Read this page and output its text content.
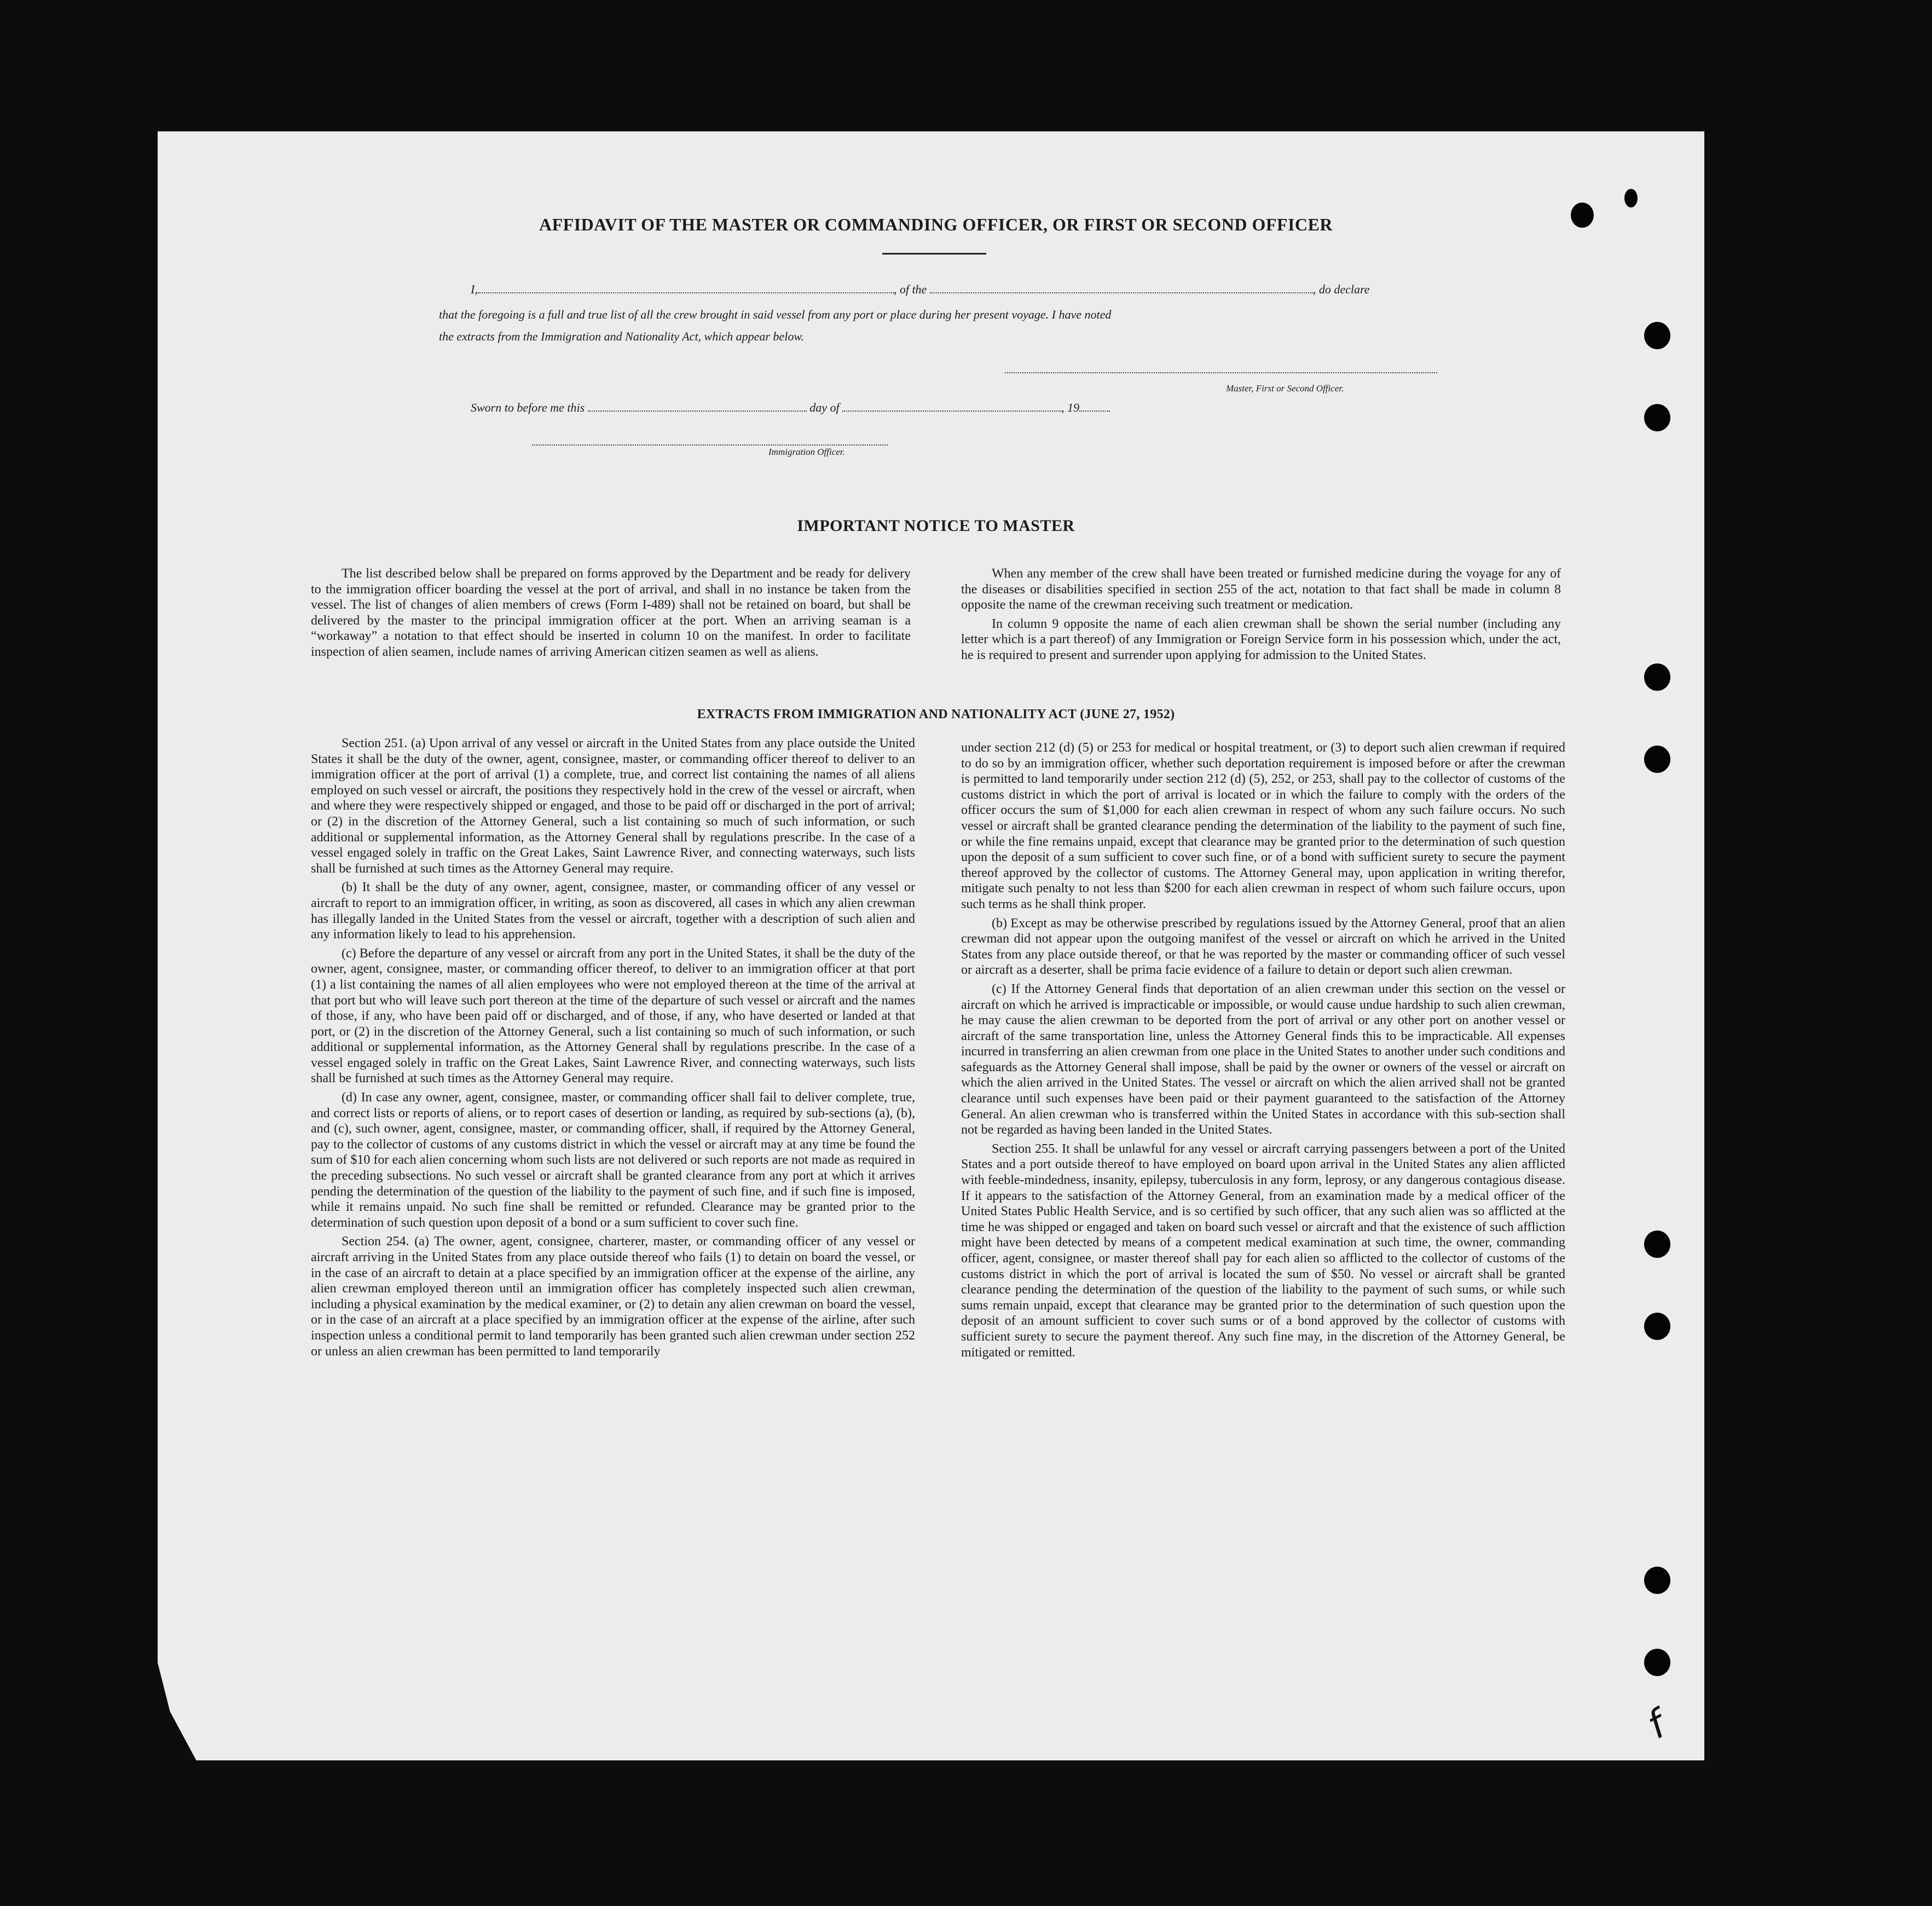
AFFIDAVIT OF THE MASTER OR COMMANDING OFFICER, OR FIRST OR SECOND OFFICER
I,	, of the	, do declare
that the foregoing is a full and true list of all the crew brought in said vessel from any port or place during her present voyage. I have noted
the extracts from the Immigration and Nationality Act, which appear below.
Master, First or Second Officer.
Sworn to before me this	day of	, 19
Immigration Officer.
IMPORTANT NOTICE TO MASTER

The list described below shall be prepared on forms approved by the Department and be ready for delivery to the immigration officer boarding the vessel at the port of arrival, and shall in no instance be taken from the vessel. The list of changes of alien members of crews (Form I-489) shall not be retained on board, but shall be delivered by the master to the principal immigration officer at the port. When an arriving seaman is a “workaway” a notation to that effect should be inserted in column 10 on the manifest. In order to facilitate inspection of alien seamen, include names of arriving American citizen seamen as well as aliens.

When any member of the crew shall have been treated or furnished medicine during the voyage for any of the diseases or disabilities specified in section 255 of the act, notation to that fact shall be made in column 8 opposite the name of the crewman receiving such treatment or medication.

In column 9 opposite the name of each alien crewman shall be shown the serial number (including any letter which is a part thereof) of any Immigration or Foreign Service form in his possession which, under the act, he is required to present and surrender upon applying for admission to the United States.

EXTRACTS FROM IMMIGRATION AND NATIONALITY ACT (JUNE 27, 1952)

Section 251. (a) Upon arrival of any vessel or aircraft in the United States from any place outside the United States it shall be the duty of the owner, agent, consignee, master, or commanding officer thereof to deliver to an immigration officer at the port of arrival (1) a complete, true, and correct list containing the names of all aliens employed on such vessel or aircraft, the positions they respectively hold in the crew of the vessel or aircraft, when and where they were respectively shipped or engaged, and those to be paid off or discharged in the port of arrival; or (2) in the discretion of the Attorney General, such a list containing so much of such information, or such additional or supplemental information, as the Attorney General shall by regulations prescribe. In the case of a vessel engaged solely in traffic on the Great Lakes, Saint Lawrence River, and connecting waterways, such lists shall be furnished at such times as the Attorney General may require.

(b) It shall be the duty of any owner, agent, consignee, master, or commanding officer of any vessel or aircraft to report to an immigration officer, in writing, as soon as discovered, all cases in which any alien crewman has illegally landed in the United States from the vessel or aircraft, together with a description of such alien and any information likely to lead to his apprehension.

(c) Before the departure of any vessel or aircraft from any port in the United States, it shall be the duty of the owner, agent, consignee, master, or commanding officer thereof, to deliver to an immigration officer at that port (1) a list containing the names of all alien employees who were not employed thereon at the time of the arrival at that port but who will leave such port thereon at the time of the departure of such vessel or aircraft and the names of those, if any, who have been paid off or discharged, and of those, if any, who have deserted or landed at that port, or (2) in the discretion of the Attorney General, such a list containing so much of such information, or such additional or supplemental information, as the Attorney General shall by regulations prescribe. In the case of a vessel engaged solely in traffic on the Great Lakes, Saint Lawrence River, and connecting waterways, such lists shall be furnished at such times as the Attorney General may require.

(d) In case any owner, agent, consignee, master, or commanding officer shall fail to deliver complete, true, and correct lists or reports of aliens, or to report cases of desertion or landing, as required by sub-sections (a), (b), and (c), such owner, agent, consignee, master, or commanding officer, shall, if required by the Attorney General, pay to the collector of customs of any customs district in which the vessel or aircraft may at any time be found the sum of $10 for each alien concerning whom such lists are not delivered or such reports are not made as required in the preceding subsections. No such vessel or aircraft shall be granted clearance from any port at which it arrives pending the determination of the question of the liability to the payment of such fine, and if such fine is imposed, while it remains unpaid. No such fine shall be remitted or refunded. Clearance may be granted prior to the determination of such question upon deposit of a bond or a sum sufficient to cover such fine.

Section 254. (a) The owner, agent, consignee, charterer, master, or commanding officer of any vessel or aircraft arriving in the United States from any place outside thereof who fails (1) to detain on board the vessel, or in the case of an aircraft to detain at a place specified by an immigration officer at the expense of the airline, any alien crewman employed thereon until an immigration officer has completely inspected such alien crewman, including a physical examination by the medical examiner, or (2) to detain any alien crewman on board the vessel, or in the case of an aircraft at a place specified by an immigration officer at the expense of the airline, after such inspection unless a conditional permit to land temporarily has been granted such alien crewman under section 252 or unless an alien crewman has been permitted to land temporarily

under section 212 (d) (5) or 253 for medical or hospital treatment, or (3) to deport such alien crewman if required to do so by an immigration officer, whether such deportation requirement is imposed before or after the crewman is permitted to land temporarily under section 212 (d) (5), 252, or 253, shall pay to the collector of customs of the customs district in which the port of arrival is located or in which the failure to comply with the orders of the officer occurs the sum of $1,000 for each alien crewman in respect of whom any such failure occurs. No such vessel or aircraft shall be granted clearance pending the determination of the liability to the payment of such fine, or while the fine remains unpaid, except that clearance may be granted prior to the determination of such question upon the deposit of a sum sufficient to cover such fine, or of a bond with sufficient surety to secure the payment thereof approved by the collector of customs. The Attorney General may, upon application in writing therefor, mitigate such penalty to not less than $200 for each alien crewman in respect of whom such failure occurs, upon such terms as he shall think proper.

(b) Except as may be otherwise prescribed by regulations issued by the Attorney General, proof that an alien crewman did not appear upon the outgoing manifest of the vessel or aircraft on which he arrived in the United States from any place outside thereof, or that he was reported by the master or commanding officer of such vessel or aircraft as a deserter, shall be prima facie evidence of a failure to detain or deport such alien crewman.

(c) If the Attorney General finds that deportation of an alien crewman under this section on the vessel or aircraft on which he arrived is impracticable or impossible, or would cause undue hardship to such alien crewman, he may cause the alien crewman to be deported from the port of arrival or any other port on another vessel or aircraft of the same transportation line, unless the Attorney General finds this to be impracticable. All expenses incurred in transferring an alien crewman from one place in the United States to another under such conditions and safeguards as the Attorney General shall impose, shall be paid by the owner or owners of the vessel or aircraft on which the alien arrived in the United States. The vessel or aircraft on which the alien arrived shall not be granted clearance until such expenses have been paid or their payment guaranteed to the satisfaction of the Attorney General. An alien crewman who is transferred within the United States in accordance with this sub-section shall not be regarded as having been landed in the United States.

Section 255. It shall be unlawful for any vessel or aircraft carrying passengers between a port of the United States and a port outside thereof to have employed on board upon arrival in the United States any alien afflicted with feeble-mindedness, insanity, epilepsy, tuberculosis in any form, leprosy, or any dangerous contagious disease. If it appears to the satisfaction of the Attorney General, from an examination made by a medical officer of the United States Public Health Service, and is so certified by such officer, that any such alien was so afflicted at the time he was shipped or engaged and taken on board such vessel or aircraft and that the existence of such affliction might have been detected by means of a competent medical examination at such time, the owner, commanding officer, agent, consignee, or master thereof shall pay for each alien so afflicted to the collector of customs of the customs district in which the port of arrival is located the sum of $50. No vessel or aircraft shall be granted clearance pending the determination of the question of the liability to the payment of such sums, or while such sums remain unpaid, except that clearance may be granted prior to the determination of such question upon the deposit of an amount sufficient to cover such sums or of a bond approved by the collector of customs with sufficient surety to secure the payment thereof. Any such fine may, in the discretion of the Attorney General, be mitigated or remitted.

f
